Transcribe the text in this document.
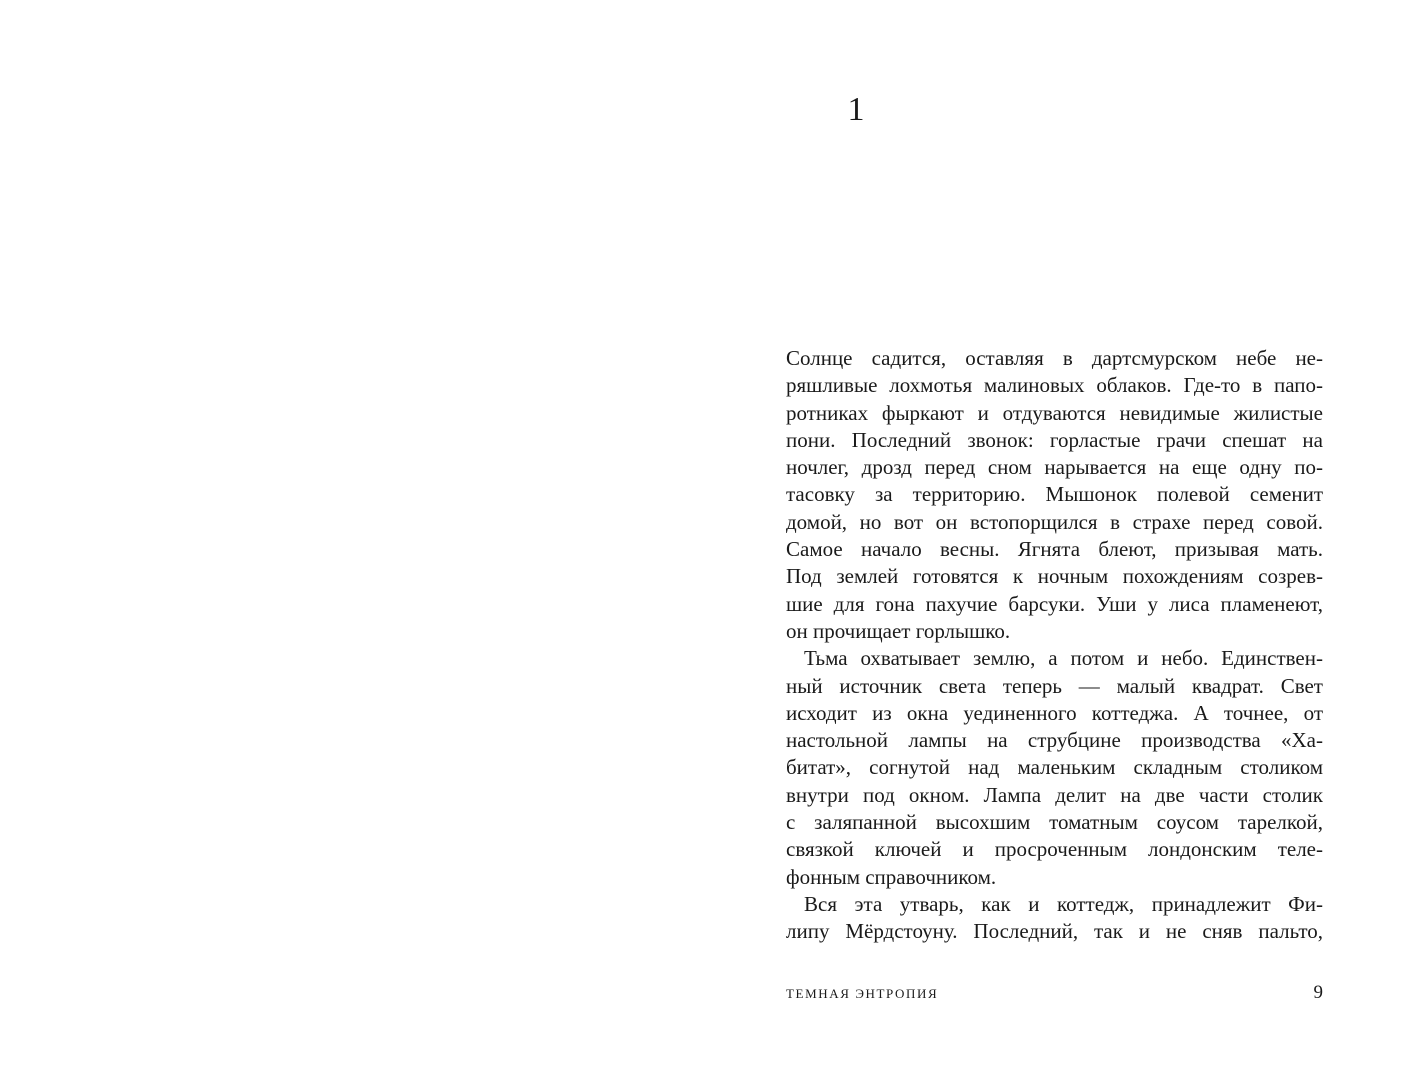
1
Солнце садится, оставляя в дартсмурском небе не-
ряшливые лохмотья малиновых облаков. Где-то в папо-
ротниках фыркают и отдуваются невидимые жилистые
пони. Последний звонок: горластые грачи спешат на
ночлег, дрозд перед сном нарывается на еще одну по-
тасовку за территорию. Мышонок полевой семенит
домой, но вот он встопорщился в страхе перед совой.
Самое начало весны. Ягнята блеют, призывая мать.
Под землей готовятся к ночным похождениям созрев-
шие для гона пахучие барсуки. Уши у лиса пламенеют,
он прочищает горлышко.
Тьма охватывает землю, а потом и небо. Единствен-
ный источник света теперь — малый квадрат. Свет
исходит из окна уединенного коттеджа. А точнее, от
настольной лампы на струбцине производства «Ха-
битат», согнутой над маленьким складным столиком
внутри под окном. Лампа делит на две части столик
с заляпанной высохшим томатным соусом тарелкой,
связкой ключей и просроченным лондонским теле-
фонным справочником.
Вся эта утварь, как и коттедж, принадлежит Фи-
липу Мёрдстоуну. Последний, так и не сняв пальто,
ТЕМНАЯ ЭНТРОПИЯ	9
